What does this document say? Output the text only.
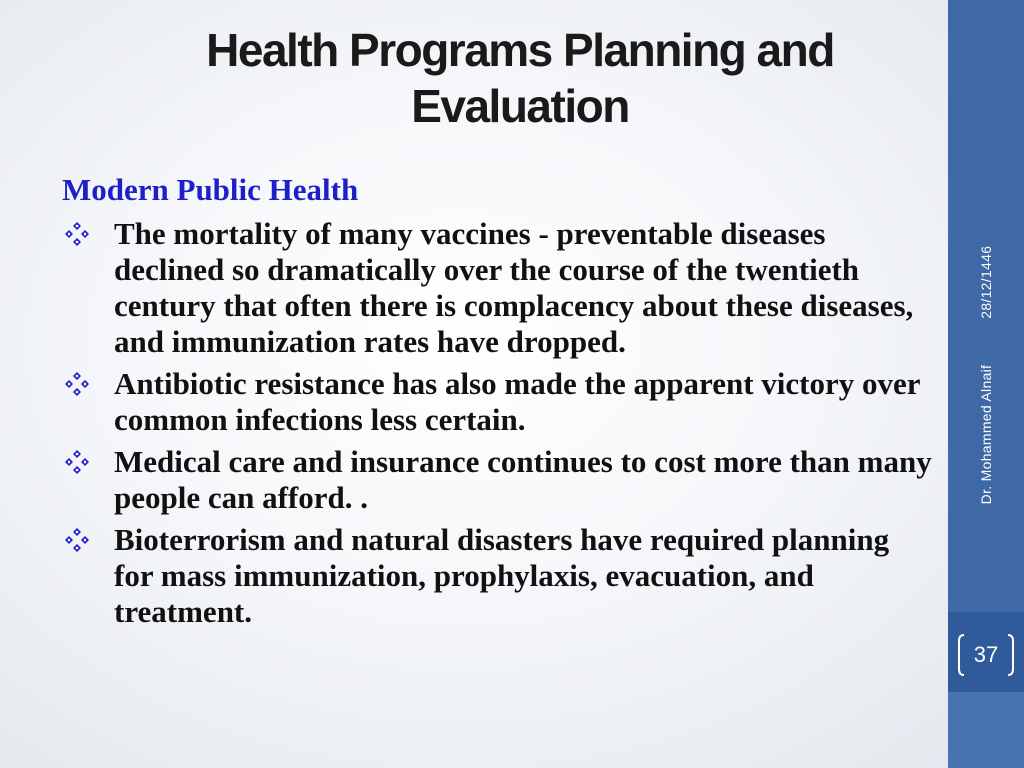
Health Programs Planning and
Evaluation
Modern Public Health
The mortality of many vaccines - preventable diseases declined so dramatically over the course of the twentieth century that often there is complacency about these diseases, and immunization rates have dropped.
Antibiotic resistance has also made the apparent victory over common infections less certain.
Medical care and insurance continues to cost more than many people can afford. .
Bioterrorism and natural disasters have required planning for mass immunization, prophylaxis, evacuation, and treatment.
Dr. Mohammed Alnaif28/12/1446
37
